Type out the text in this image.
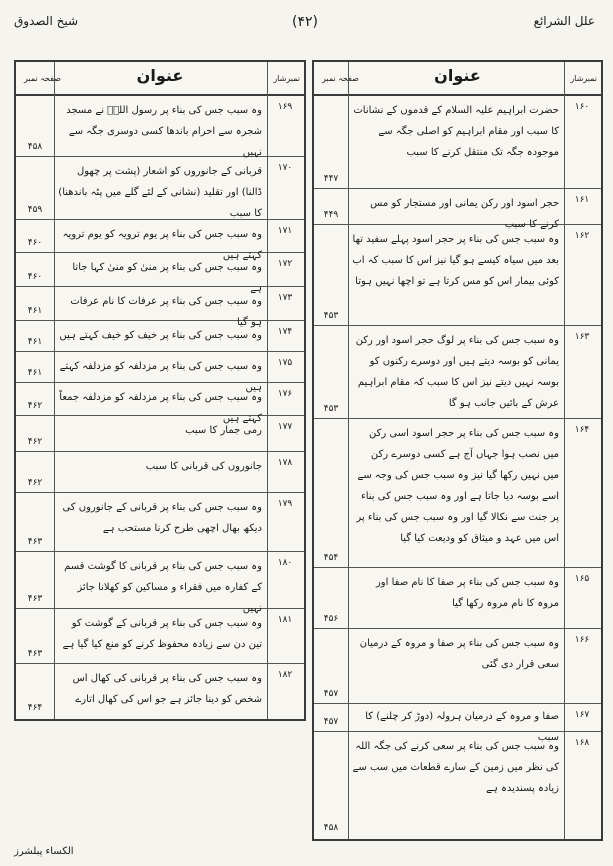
علل الشرائع
(۴۲)
شیخ الصدوق
نمبرشار
عنوان
صفحہ نمبر
۱۶۰
حضرت ابراہیم علیہ السلام کے قدموں کے نشانات کا سبب اور مقام ابراہیم کو اصلی جگہ سے موجودہ جگہ تک منتقل کرنے کا سبب
۴۴۷
۱۶۱
حجر اسود اور رکن یمانی اور مستجار کو مس کرنے کا سبب
۴۴۹
۱۶۲
وہ سبب جس کی بناء پر حجر اسود پہلے سفید تھا بعد میں سیاہ کیسے ہو گیا نیز اس کا سبب کہ اب کوئی بیمار اس کو مس کرتا ہے تو اچھا نہیں ہوتا
۴۵۳
۱۶۳
وہ سبب جس کی بناء پر لوگ حجر اسود اور رکن یمانی کو بوسہ دیتے ہیں اور دوسرے رکنوں کو بوسہ نہیں دیتے نیز اس کا سبب کہ مقام ابراہیم عرش کے بائیں جانب ہو گا
۴۵۳
۱۶۴
وہ سبب جس کی بناء پر حجر اسود اسی رکن میں نصب ہوا جہاں آج ہے کسی دوسرے رکن میں نہیں رکھا گیا نیز وہ سبب جس کی وجہ سے اسے بوسہ دیا جاتا ہے اور وہ سبب جس کی بناء پر جنت سے نکالا گیا اور وہ سبب جس کی بناء پر اس میں عہد و میثاق کو ودیعت کیا گیا
۴۵۴
۱۶۵
وہ سبب جس کی بناء پر صفا کا نام صفا اور مروہ کا نام مروہ رکھا گیا
۴۵۶
۱۶۶
وہ سبب جس کی بناء پر صفا و مروہ کے درمیان سعی قرار دی گئی
۴۵۷
۱۶۷
صفا و مروہ کے درمیان ہرولہ (دوڑ کر چلنے) کا سبب
۴۵۷
۱۶۸
وہ سبب جس کی بناء پر سعی کرنے کی جگہ اللہ کی نظر میں زمین کے سارے قطعات میں سب سے زیادہ پسندیدہ ہے
۴۵۸
نمبرشار
عنوان
صفحہ نمبر
۱۶۹
وہ سبب جس کی بناء پر رسول اللہؐ نے مسجد شجرہ سے احرام باندھا کسی دوسری جگہ سے نہیں
۴۵۸
۱۷۰
قربانی کے جانوروں کو اشعار (پشت پر چھول ڈالنا) اور تقلید (نشانی کے لئے گلے میں پٹہ باندھنا) کا سبب
۴۵۹
۱۷۱
وہ سبب جس کی بناء پر یوم ترویہ کو یوم ترویہ کہتے ہیں
۴۶۰
۱۷۲
وہ سبب جس کی بناء پر منیٰ کو منیٰ کہا جاتا ہے
۴۶۰
۱۷۳
وہ سبب جس کی بناء پر عرفات کا نام عرفات ہو گیا
۴۶۱
۱۷۴
وہ سبب جس کی بناء پر خیف کو خیف کہتے ہیں
۴۶۱
۱۷۵
وہ سبب جس کی بناء پر مزدلفہ کو مزدلفہ کہتے ہیں
۴۶۱
۱۷۶
وہ سبب جس کی بناء پر مزدلفہ کو مزدلفہ جمعاً کہتے ہیں
۴۶۲
۱۷۷
رمی جمار کا سبب
۴۶۲
۱۷۸
جانوروں کی قربانی کا سبب
۴۶۲
۱۷۹
وہ سبب جس کی بناء پر قربانی کے جانوروں کی دیکھ بھال اچھی طرح کرنا مستحب ہے
۴۶۳
۱۸۰
وہ سبب جس کی بناء پر قربانی کا گوشت قسم کے کفارہ میں فقراء و مساکین کو کھلانا جائز نہیں
۴۶۳
۱۸۱
وہ سبب جس کی بناء پر قربانی کے گوشت کو تین دن سے زیادہ محفوظ کرنے کو منع کیا گیا ہے
۴۶۳
۱۸۲
وہ سبب جس کی بناء پر قربانی کی کھال اس شخص کو دینا جائز ہے جو اس کی کھال اتارے
۴۶۴
الکساء پبلشرز
